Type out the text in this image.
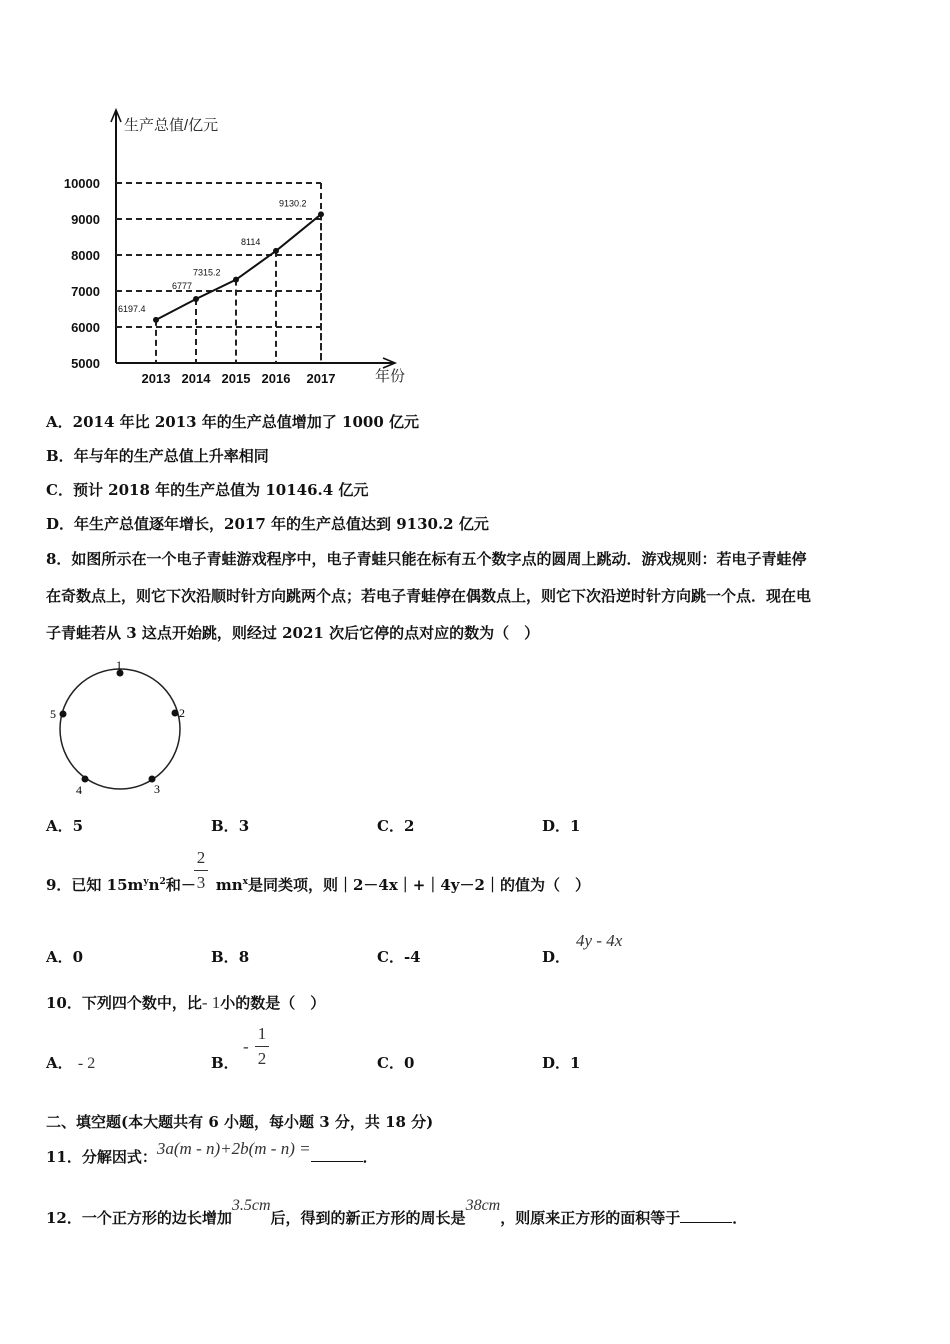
生产总值/亿元
年份
5000
6000
7000
8000
9000
10000
2013 2014 2015 2016 2017
6197.4
6777
7315.2
8114
9130.2
A．2014 年比 2013 年的生产总值增加了 1000 亿元
B．年与年的生产总值上升率相同
C．预计 2018 年的生产总值为 10146.4 亿元
D．年生产总值逐年增长，2017 年的生产总值达到 9130.2 亿元
8．如图所示在一个电子青蛙游戏程序中，电子青蛙只能在标有五个数字点的圆周上跳动．游戏规则：若电子青蛙停
在奇数点上，则它下次沿顺时针方向跳两个点；若电子青蛙停在偶数点上，则它下次沿逆时针方向跳一个点．现在电
子青蛙若从 3 这点开始跳，则经过 2021 次后它停的点对应的数为（　）
1
2
3
4
5
A．5	B．3	C．2	D．1
9．已知 $15m^yn^2$和－ $mn^x$是同类项，则｜2－4x｜+｜4y－2｜的值为（　）
2
3
A．0	B．8	C．-4	D．
4y - 4x
10．下列四个数中，比- 1小的数是（　）
A． - 2	B．
-
1
2	C．0	D．1
二、填空题(本大题共有 6 小题，每小题 3 分，共 18 分)
11．分解因式：3a(m - n)+2b(m - n) =	．
12．一个正方形的边长增加3.5cm后，得到的新正方形的周长是38cm，则原来正方形的面积等于	．
